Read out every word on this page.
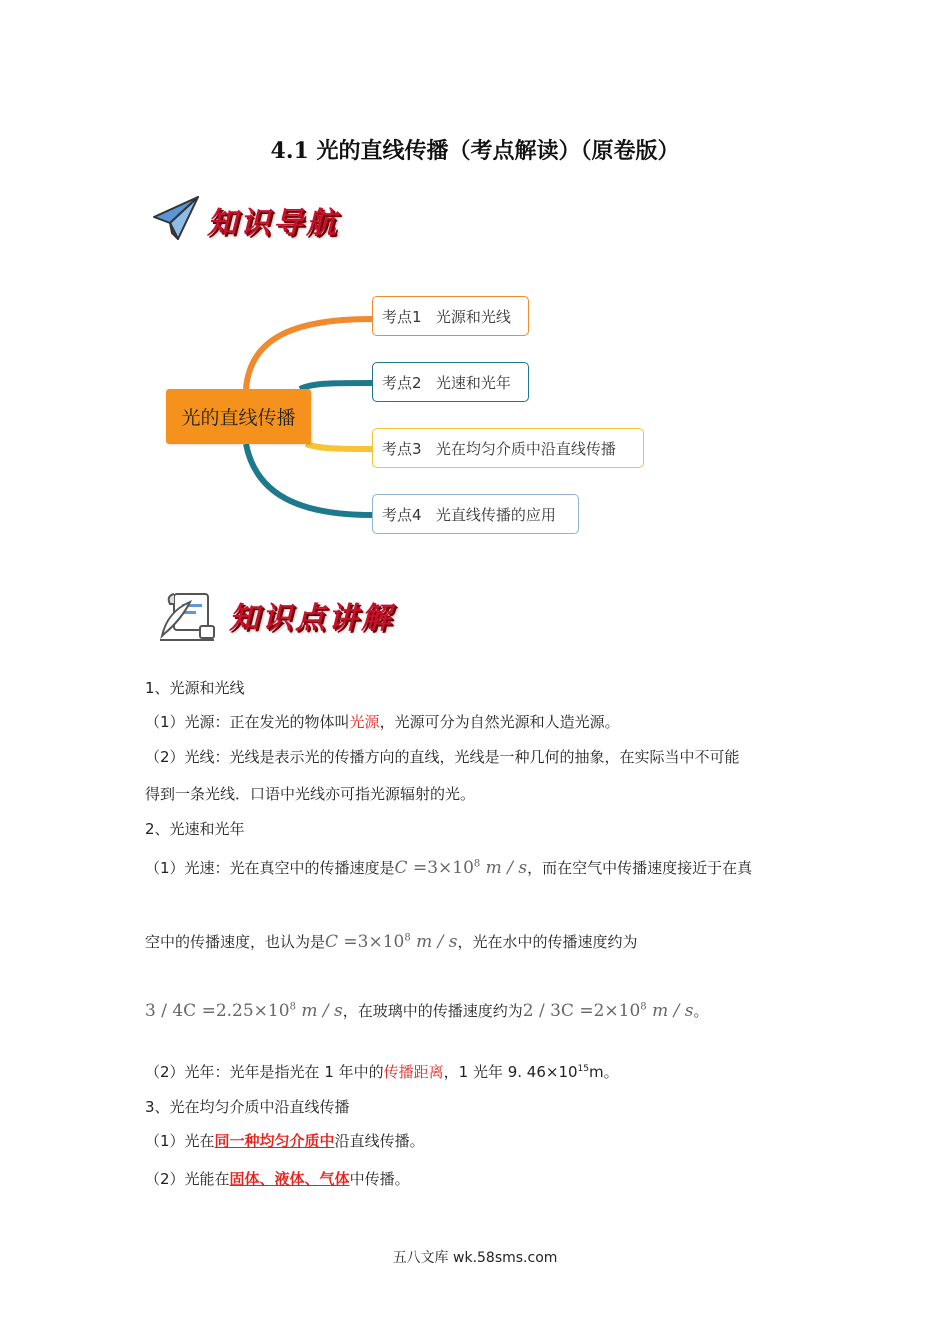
4.1 光的直线传播（考点解读）（原卷版）
知识导航
光的直线传播
考点1   光源和光线
考点2   光速和光年
考点3   光在均匀介质中沿直线传播
考点4   光直线传播的应用
知识点讲解
1、光源和光线
（1）光源：正在发光的物体叫光源，光源可分为自然光源和人造光源。
（2）光线：光线是表示光的传播方向的直线，光线是一种几何的抽象，在实际当中不可能
得到一条光线．口语中光线亦可指光源辐射的光。
2、光速和光年
（1）光速：光在真空中的传播速度是$C =3\times 10^8$ m / s，而在空气中传播速度接近于在真
空中的传播速度，也认为是$C =3\times 10^8$ m / s，光在水中的传播速度约为
$3 / 4C =2.25\times 10^8$ m / s，在玻璃中的传播速度约为$2 / 3C =2\times 10^8$ m / s。
（2）光年：光年是指光在 1 年中的传播距离，1 光年 9. $46\times 10^{15}m$。
3、光在均匀介质中沿直线传播
（1）光在同一种均匀介质中沿直线传播。
（2）光能在固体、液体、气体中传播。
五八文库 wk.58sms.com
